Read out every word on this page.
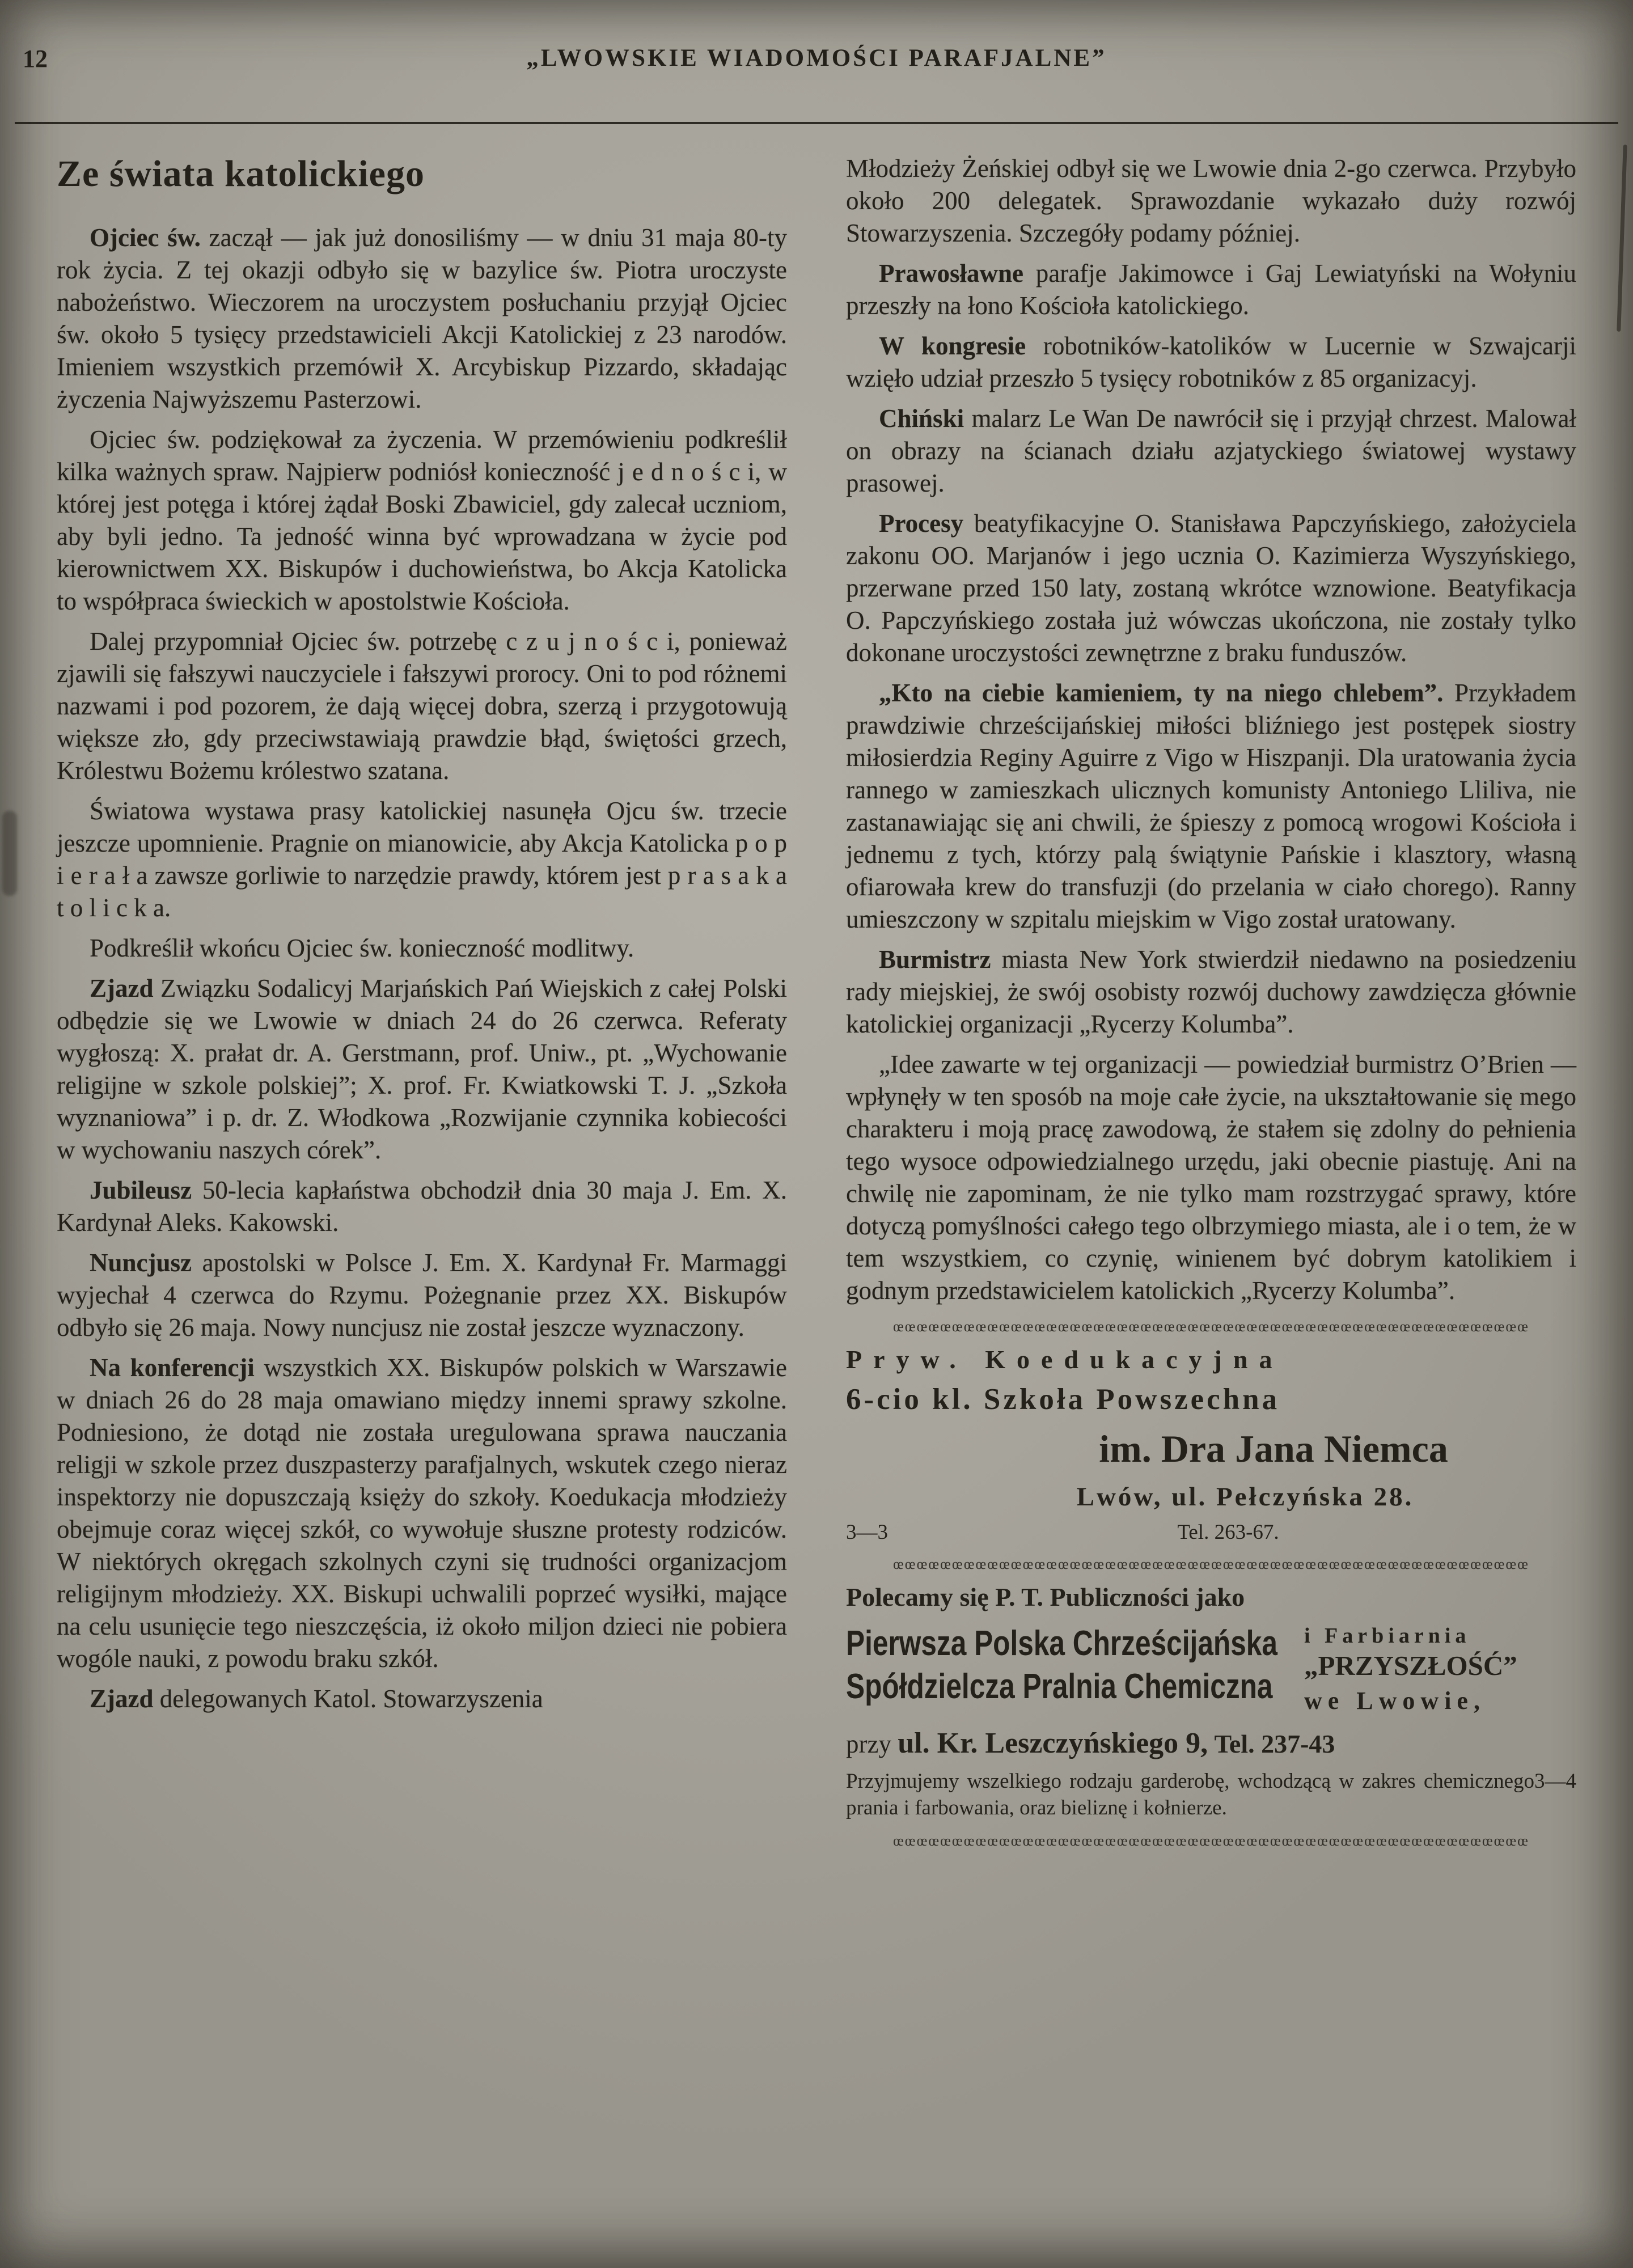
12	„LWOWSKIE WIADOMOŚCI PARAFJALNE”
Ze świata katolickiego

Ojciec św. zaczął — jak już donosiliśmy — w dniu 31 maja 80-ty rok życia. Z tej okazji odbyło się w bazylice św. Piotra uroczyste nabożeństwo. Wieczorem na uroczystem posłuchaniu przyjął Ojciec św. około 5 tysięcy przedstawicieli Akcji Katolickiej z 23 narodów. Imieniem wszystkich przemówił X. Arcybiskup Pizzardo, składając życzenia Najwyższemu Pasterzowi.

Ojciec św. podziękował za życzenia. W przemówieniu podkreślił kilka ważnych spraw. Najpierw podniósł konieczność j e d n o ś c i, w której jest potęga i której żądał Boski Zbawiciel, gdy zalecał uczniom, aby byli jedno. Ta jedność winna być wprowadzana w życie pod kierownictwem XX. Biskupów i duchowieństwa, bo Akcja Katolicka to współpraca świeckich w apostolstwie Kościoła.

Dalej przypomniał Ojciec św. potrzebę c z u j n o ś c i, ponieważ zjawili się fałszywi nauczyciele i fałszywi prorocy. Oni to pod różnemi nazwami i pod pozorem, że dają więcej dobra, szerzą i przygotowują większe zło, gdy przeciwstawiają prawdzie błąd, świętości grzech, Królestwu Bożemu królestwo szatana.

Światowa wystawa prasy katolickiej nasunęła Ojcu św. trzecie jeszcze upomnienie. Pragnie on mianowicie, aby Akcja Katolicka p o p i e r a ł a zawsze gorliwie to narzędzie prawdy, którem jest p r a s a k a t o l i c k a.

Podkreślił wkońcu Ojciec św. konieczność modlitwy.

Zjazd Związku Sodalicyj Marjańskich Pań Wiejskich z całej Polski odbędzie się we Lwowie w dniach 24 do 26 czerwca. Referaty wygłoszą: X. prałat dr. A. Gerstmann, prof. Uniw., pt. „Wychowanie religijne w szkole polskiej”; X. prof. Fr. Kwiatkowski T. J. „Szkoła wyznaniowa” i p. dr. Z. Włodkowa „Rozwijanie czynnika kobiecości w wychowaniu naszych córek”.

Jubileusz 50-lecia kapłaństwa obchodził dnia 30 maja J. Em. X. Kardynał Aleks. Kakowski.

Nuncjusz apostolski w Polsce J. Em. X. Kardynał Fr. Marmaggi wyjechał 4 czerwca do Rzymu. Pożegnanie przez XX. Biskupów odbyło się 26 maja. Nowy nuncjusz nie został jeszcze wyznaczony.

Na konferencji wszystkich XX. Biskupów polskich w Warszawie w dniach 26 do 28 maja omawiano między innemi sprawy szkolne. Podniesiono, że dotąd nie została uregulowana sprawa nauczania religji w szkole przez duszpasterzy parafjalnych, wskutek czego nieraz inspektorzy nie dopuszczają księży do szkoły. Koedukacja młodzieży obejmuje coraz więcej szkół, co wywołuje słuszne protesty rodziców. W niektórych okręgach szkolnych czyni się trudności organizacjom religijnym młodzieży. XX. Biskupi uchwalili poprzeć wysiłki, mające na celu usunięcie tego nieszczęścia, iż około miljon dzieci nie pobiera wogóle nauki, z powodu braku szkół.

Zjazd delegowanych Katol. Stowarzyszenia

Młodzieży Żeńskiej odbył się we Lwowie dnia 2-go czerwca. Przybyło około 200 delegatek. Sprawozdanie wykazało duży rozwój Stowarzyszenia. Szczegóły podamy później.

Prawosławne parafje Jakimowce i Gaj Lewiatyński na Wołyniu przeszły na łono Kościoła katolickiego.

W kongresie robotników-katolików w Lucernie w Szwajcarji wzięło udział przeszło 5 tysięcy robotników z 85 organizacyj.

Chiński malarz Le Wan De nawrócił się i przyjął chrzest. Malował on obrazy na ścianach działu azjatyckiego światowej wystawy prasowej.

Procesy beatyfikacyjne O. Stanisława Papczyńskiego, założyciela zakonu OO. Marjanów i jego ucznia O. Kazimierza Wyszyńskiego, przerwane przed 150 laty, zostaną wkrótce wznowione. Beatyfikacja O. Papczyńskiego została już wówczas ukończona, nie zostały tylko dokonane uroczystości zewnętrzne z braku funduszów.

„Kto na ciebie kamieniem, ty na niego chlebem”. Przykładem prawdziwie chrześcijańskiej miłości bliźniego jest postępek siostry miłosierdzia Reginy Aguirre z Vigo w Hiszpanji. Dla uratowania życia rannego w zamieszkach ulicznych komunisty Antoniego Lliliva, nie zastanawiając się ani chwili, że śpieszy z pomocą wrogowi Kościoła i jednemu z tych, którzy palą świątynie Pańskie i klasztory, własną ofiarowała krew do transfuzji (do przelania w ciało chorego). Ranny umieszczony w szpitalu miejskim w Vigo został uratowany.

Burmistrz miasta New York stwierdził niedawno na posiedzeniu rady miejskiej, że swój osobisty rozwój duchowy zawdzięcza głównie katolickiej organizacji „Rycerzy Kolumba”.

„Idee zawarte w tej organizacji — powiedział burmistrz O’Brien — wpłynęły w ten sposób na moje całe życie, na ukształtowanie się mego charakteru i moją pracę zawodową, że stałem się zdolny do pełnienia tego wysoce odpowiedzialnego urzędu, jaki obecnie piastuję. Ani na chwilę nie zapominam, że nie tylko mam rozstrzygać sprawy, które dotyczą pomyślności całego tego olbrzymiego miasta, ale i o tem, że w tem wszystkiem, co czynię, winienem być dobrym katolikiem i godnym przedstawicielem katolickich „Rycerzy Kolumba”.

œœœœœœœœœœœœœœœœœœœœœœœœœœœœœœœœœœœœœœœœœœœœœœœœœœœœœœ
Pryw. Koedukacyjna
6-cio kl. Szkoła Powszechna
im. Dra Jana Niemca
Lwów, ul. Pełczyńska 28.
3—3	Tel. 263-67.
œœœœœœœœœœœœœœœœœœœœœœœœœœœœœœœœœœœœœœœœœœœœœœœœœœœœœœ
Polecamy się P. T. Publiczności jako
Pierwsza Polska Chrześcijańska
Spółdzielcza Pralnia Chemiczna
i Farbiarnia
„PRZYSZŁOŚĆ”
we Lwowie,
przy ul. Kr. Leszczyńskiego 9, Tel. 237-43
3—4
Przyjmujemy wszelkiego rodzaju garderobę, wchodzącą w zakres chemicznego prania i farbowania, oraz bieliznę i kołnierze.
œœœœœœœœœœœœœœœœœœœœœœœœœœœœœœœœœœœœœœœœœœœœœœœœœœœœœœ
